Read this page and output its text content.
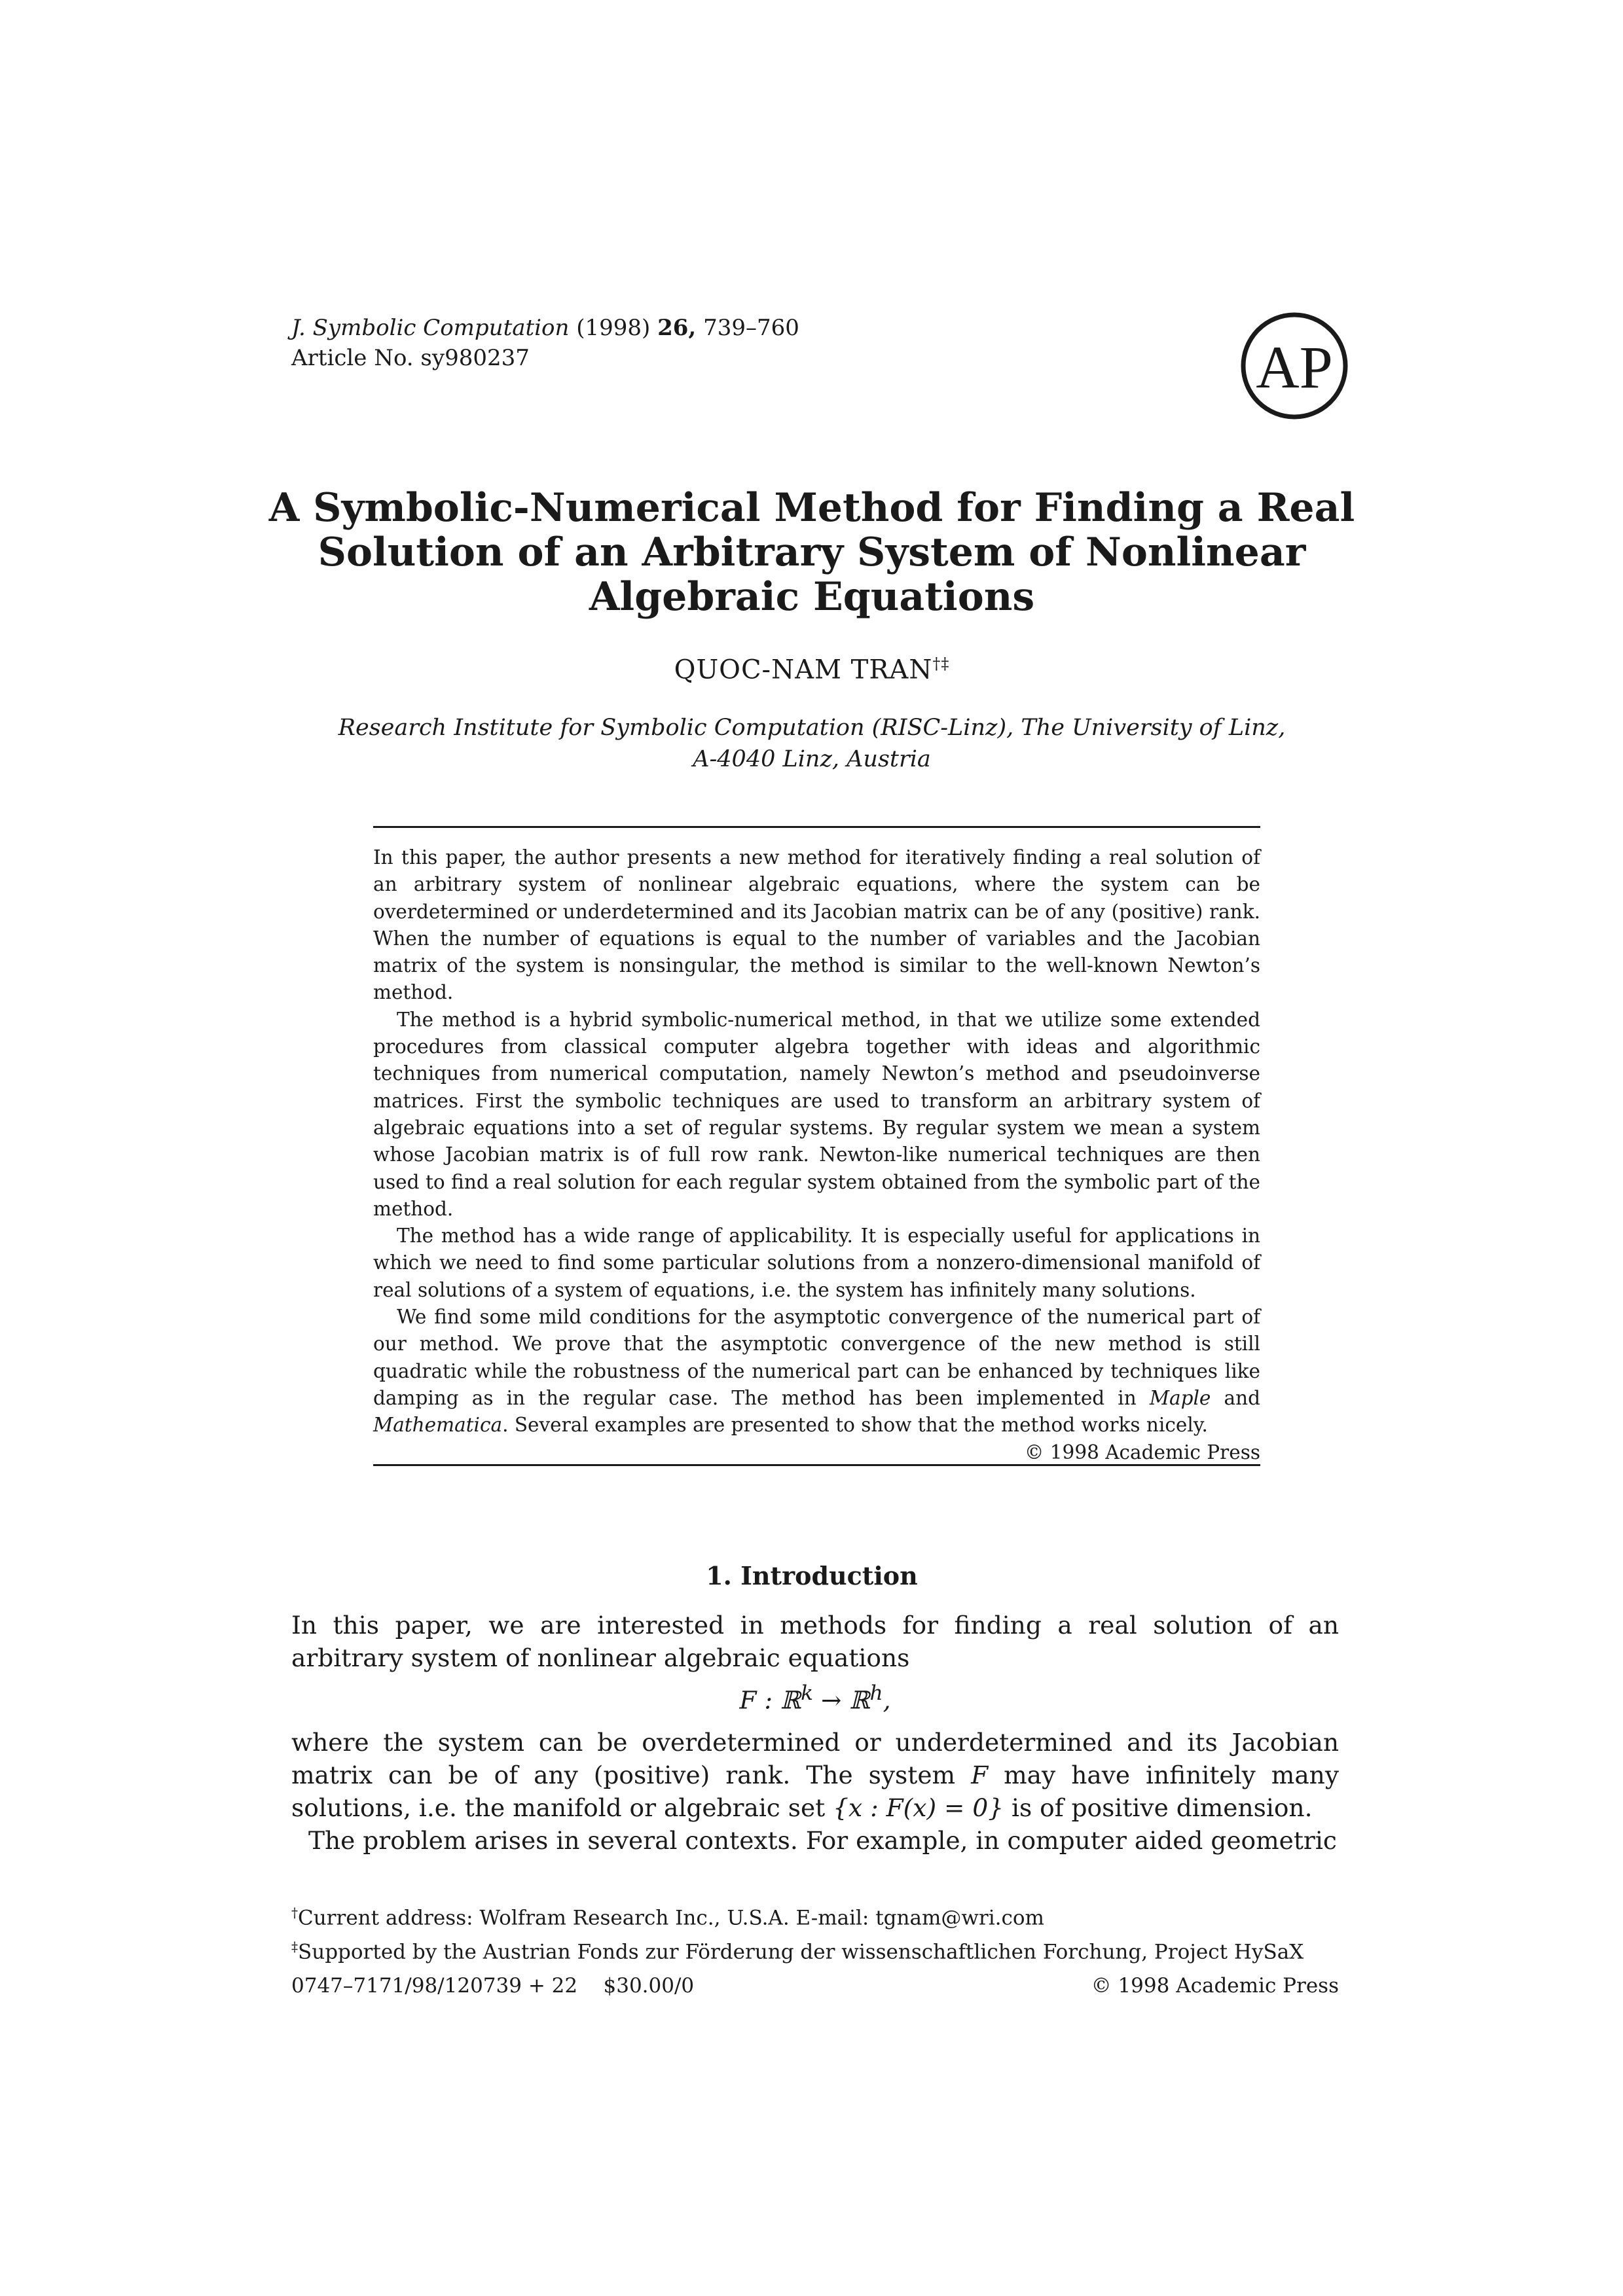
J. Symbolic Computation (1998) 26, 739–760
Article No. sy980237	AP
A Symbolic-Numerical Method for Finding a Real
Solution of an Arbitrary System of Nonlinear
Algebraic Equations
QUOC-NAM TRAN†‡
Research Institute for Symbolic Computation (RISC-Linz), The University of Linz,
A-4040 Linz, Austria

In this paper, the author presents a new method for iteratively finding a real solution of an arbitrary system of nonlinear algebraic equations, where the system can be overdetermined or underdetermined and its Jacobian matrix can be of any (positive) rank. When the number of equations is equal to the number of variables and the Jacobian matrix of the system is nonsingular, the method is similar to the well-known Newton’s method.

The method is a hybrid symbolic-numerical method, in that we utilize some extended procedures from classical computer algebra together with ideas and algorithmic techniques from numerical computation, namely Newton’s method and pseudoinverse matrices. First the symbolic techniques are used to transform an arbitrary system of algebraic equations into a set of regular systems. By regular system we mean a system whose Jacobian matrix is of full row rank. Newton-like numerical techniques are then used to find a real solution for each regular system obtained from the symbolic part of the method.

The method has a wide range of applicability. It is especially useful for applications in which we need to find some particular solutions from a nonzero-dimensional manifold of real solutions of a system of equations, i.e. the system has infinitely many solutions.

We find some mild conditions for the asymptotic convergence of the numerical part of our method. We prove that the asymptotic convergence of the new method is still quadratic while the robustness of the numerical part can be enhanced by techniques like damping as in the regular case. The method has been implemented in Maple and Mathematica. Several examples are presented to show that the method works nicely.

© 1998 Academic Press

1. Introduction

In this paper, we are interested in methods for finding a real solution of an arbitrary system of nonlinear algebraic equations

F : ℝ$^k$ → ℝ$^h$,

where the system can be overdetermined or underdetermined and its Jacobian matrix can be of any (positive) rank. The system F may have infinitely many solutions, i.e. the manifold or algebraic set {x : F(x) = 0} is of positive dimension.

The problem arises in several contexts. For example, in computer aided geometric

†Current address: Wolfram Research Inc., U.S.A. E-mail: tgnam@wri.com
‡Supported by the Austrian Fonds zur Förderung der wissenschaftlichen Forchung, Project HySaX
0747–7171/98/120739 + 22    $30.00/0	© 1998 Academic Press
